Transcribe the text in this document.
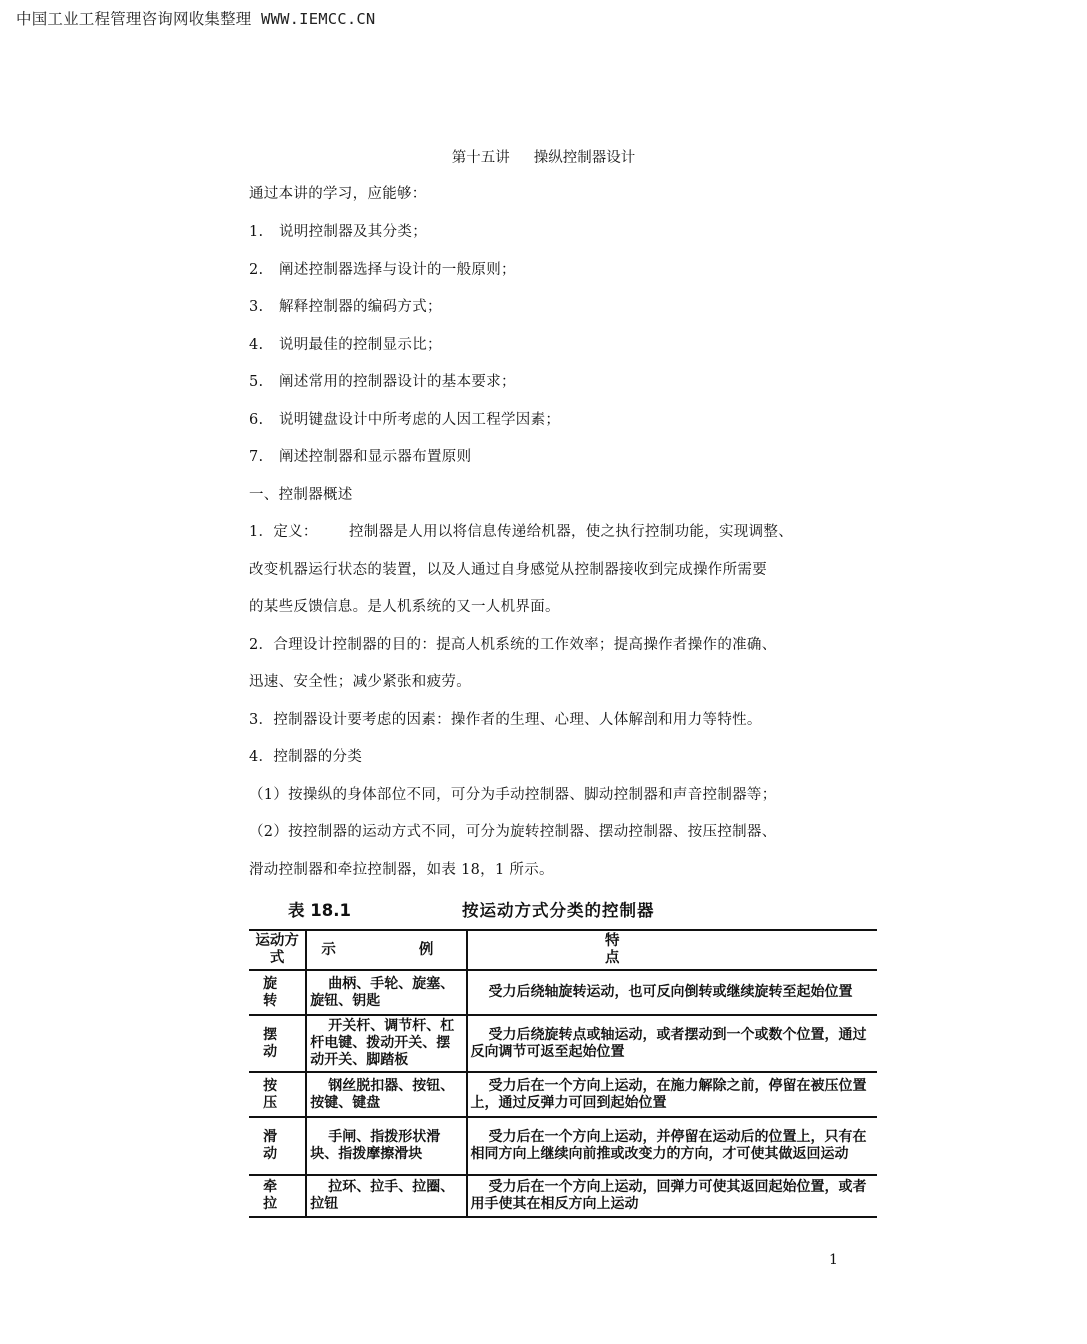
中国工业工程管理咨询网收集整理 WWW.IEMCC.CN
第十五讲 操纵控制器设计
通过本讲的学习，应能够：
1. 说明控制器及其分类；
2. 阐述控制器选择与设计的一般原则；
3. 解释控制器的编码方式；
4. 说明最佳的控制显示比；
5. 阐述常用的控制器设计的基本要求；
6. 说明键盘设计中所考虑的人因工程学因素；
7. 阐述控制器和显示器布置原则
一、控制器概述
1．定义： 控制器是人用以将信息传递给机器，使之执行控制功能，实现调整、
改变机器运行状态的装置，以及人通过自身感觉从控制器接收到完成操作所需要
的某些反馈信息。是人机系统的又一人机界面。
2．合理设计控制器的目的：提高人机系统的工作效率；提高操作者操作的准确、
迅速、安全性；减少紧张和疲劳。
3．控制器设计要考虑的因素：操作者的生理、心理、人体解剖和用力等特性。
4．控制器的分类
（1）按操纵的身体部位不同，可分为手动控制器、脚动控制器和声音控制器等；
（2）按控制器的运动方式不同，可分为旋转控制器、摆动控制器、按压控制器、
滑动控制器和牵拉控制器，如表 18，1 所示。
表 18.1	按运动方式分类的控制器
运动方式	示　　例	特　　点
旋转	曲柄、手轮、旋塞、旋钮、钥匙	受力后绕轴旋转运动，也可反向倒转或继续旋转至起始位置
摆动	开关杆、调节杆、杠杆电键、拨动开关、摆动开关、脚踏板	受力后绕旋转点或轴运动，或者摆动到一个或数个位置，通过反向调节可返至起始位置
按压	钢丝脱扣器、按钮、按键、键盘	受力后在一个方向上运动，在施力解除之前，停留在被压位置上，通过反弹力可回到起始位置
滑动	手闸、指拨形状滑块、指拨摩擦滑块	受力后在一个方向上运动，并停留在运动后的位置上，只有在相同方向上继续向前推或改变力的方向，才可使其做返回运动
牵拉	拉环、拉手、拉圈、拉钮	受力后在一个方向上运动，回弹力可使其返回起始位置，或者用手使其在相反方向上运动
1
